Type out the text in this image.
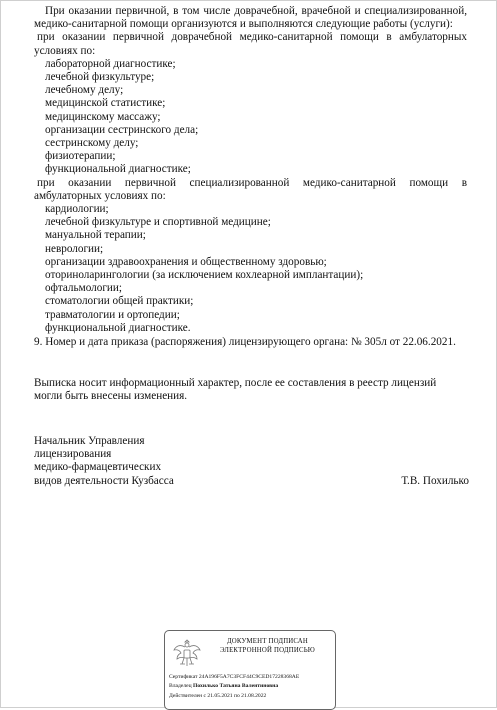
При оказании первичной, в том числе доврачебной, врачебной и специализированной,
медико-санитарной помощи организуются и выполняются следующие работы (услуги):
при оказании первичной доврачебной медико-санитарной помощи в амбулаторных
условиях по:
лабораторной диагностике;
лечебной физкультуре;
лечебному делу;
медицинской статистике;
медицинскому массажу;
организации сестринского дела;
сестринскому делу;
физиотерапии;
функциональной диагностике;
при оказании первичной специализированной медико-санитарной помощи в
амбулаторных условиях по:
кардиологии;
лечебной физкультуре и спортивной медицине;
мануальной терапии;
неврологии;
организации здравоохранения и общественному здоровью;
оториноларингологии (за исключением кохлеарной имплантации);
офтальмологии;
стоматологии общей практики;
травматологии и ортопедии;
функциональной диагностике.
9. Номер и дата приказа (распоряжения) лицензирующего органа: № 305л от 22.06.2021.
Выписка носит информационный характер, после ее составления в реестр лицензий
могли быть внесены изменения.
Начальник Управления
лицензирования
медико-фармацевтических
видов деятельности Кузбасса	Т.В. Похилько
ДОКУМЕНТ ПОДПИСАН
ЭЛЕКТРОННОЙ ПОДПИСЬЮ
Сертификат 24A196F5A7C3FCF44C9CED17228368AE
Владелец Похилько Татьяна Валентиновна
Действителен с 21.05.2021 по 21.08.2022
